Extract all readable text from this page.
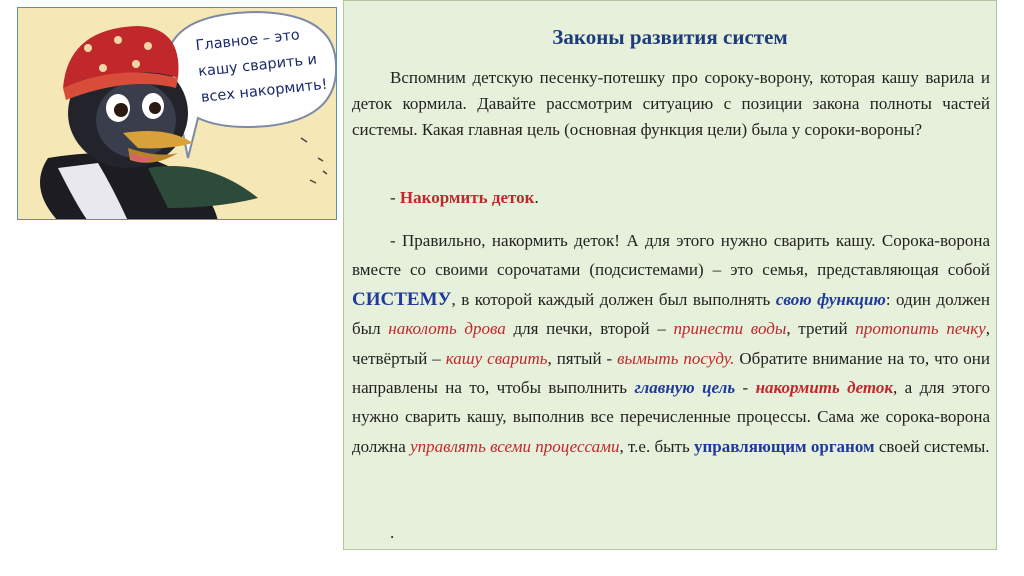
Главное – это
кашу сварить и
всех накормить!
Законы развития систем
Вспомним детскую песенку-потешку про сороку-ворону, которая кашу варила и деток кормила. Давайте рассмотрим ситуацию с позиции закона полноты частей системы. Какая главная цель (основная функция цели) была у сороки-вороны?
- Накормить деток.
- Правильно, накормить деток! А для этого нужно сварить кашу. Сорока-ворона вместе со своими сорочатами (подсистемами) – это семья, представляющая собой СИСТЕМУ, в которой каждый должен был выполнять свою функцию: один должен был наколоть дрова для печки, второй – принести воды, третий протопить печку, четвёртый – кашу сварить, пятый - вымыть посуду. Обратите внимание на то, что они направлены на то, чтобы выполнить главную цель - накормить деток, а для этого нужно сварить кашу, выполнив все перечисленные процессы. Сама же сорока-ворона должна управлять всеми процессами, т.е. быть управляющим органом своей системы.
.
